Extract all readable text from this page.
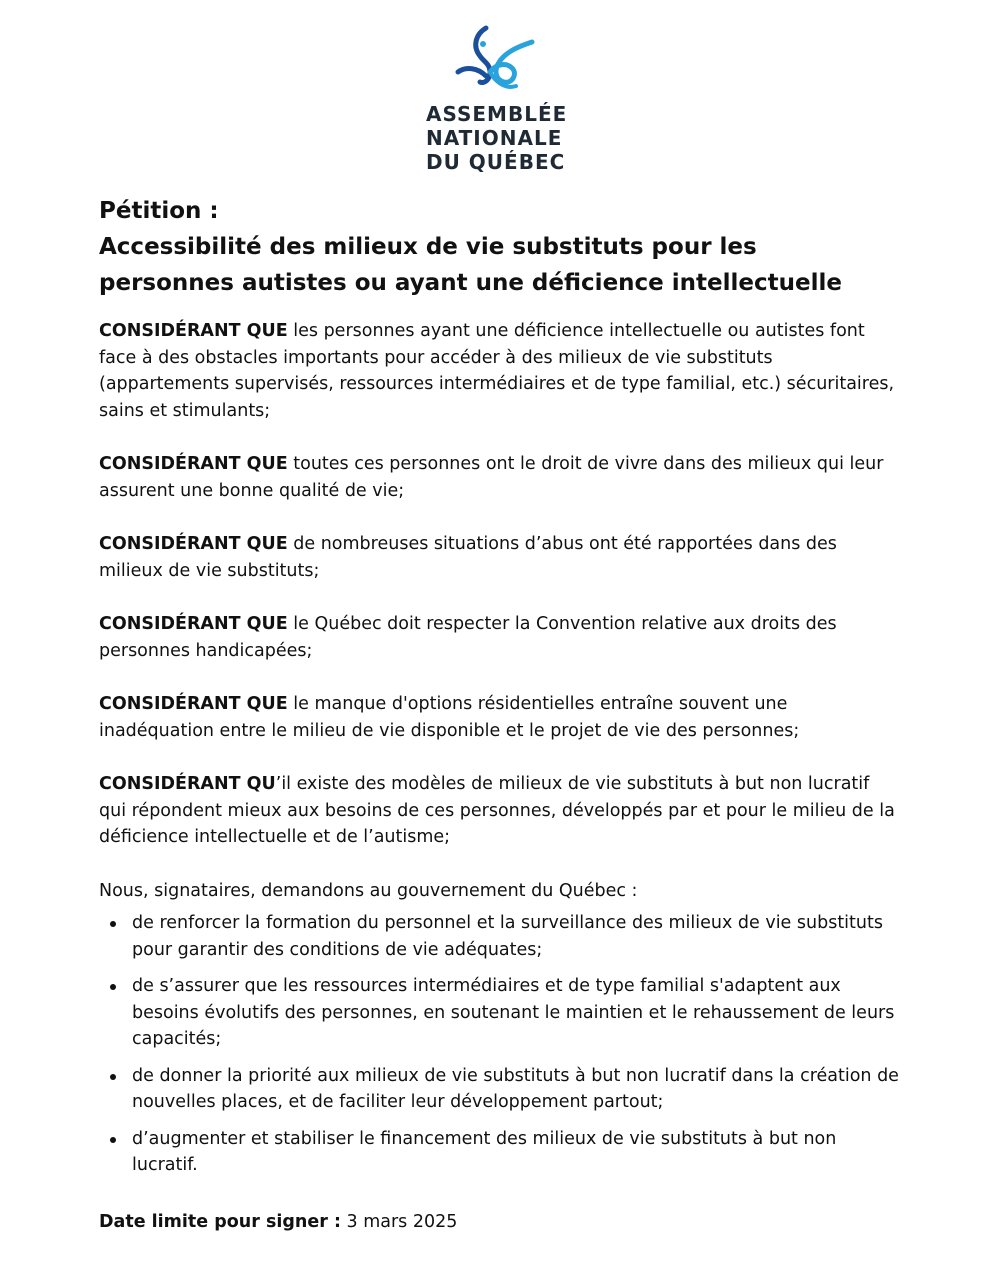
ASSEMBLÉE
NATIONALE
DU QUÉBEC
Pétition :
Accessibilité des milieux de vie substituts pour les
personnes autistes ou ayant une déficience intellectuelle

CONSIDÉRANT QUE les personnes ayant une déficience intellectuelle ou autistes font face à des obstacles importants pour accéder à des milieux de vie substituts (appartements supervisés, ressources intermédiaires et de type familial, etc.) sécuritaires, sains et stimulants;

CONSIDÉRANT QUE toutes ces personnes ont le droit de vivre dans des milieux qui leur assurent une bonne qualité de vie;

CONSIDÉRANT QUE de nombreuses situations d’abus ont été rapportées dans des milieux de vie substituts;

CONSIDÉRANT QUE le Québec doit respecter la Convention relative aux droits des personnes handicapées;

CONSIDÉRANT QUE le manque d'options résidentielles entraîne souvent une inadéquation entre le milieu de vie disponible et le projet de vie des personnes;

CONSIDÉRANT QU’il existe des modèles de milieux de vie substituts à but non lucratif qui répondent mieux aux besoins de ces personnes, développés par et pour le milieu de la déficience intellectuelle et de l’autisme;

Nous, signataires, demandons au gouvernement du Québec :
de renforcer la formation du personnel et la surveillance des milieux de vie substituts pour garantir des conditions de vie adéquates;
de s’assurer que les ressources intermédiaires et de type familial s'adaptent aux besoins évolutifs des personnes, en soutenant le maintien et le rehaussement de leurs capacités;
de donner la priorité aux milieux de vie substituts à but non lucratif dans la création de nouvelles places, et de faciliter leur développement partout;
d’augmenter et stabiliser le financement des milieux de vie substituts à but non lucratif.
Date limite pour signer : 3 mars 2025
